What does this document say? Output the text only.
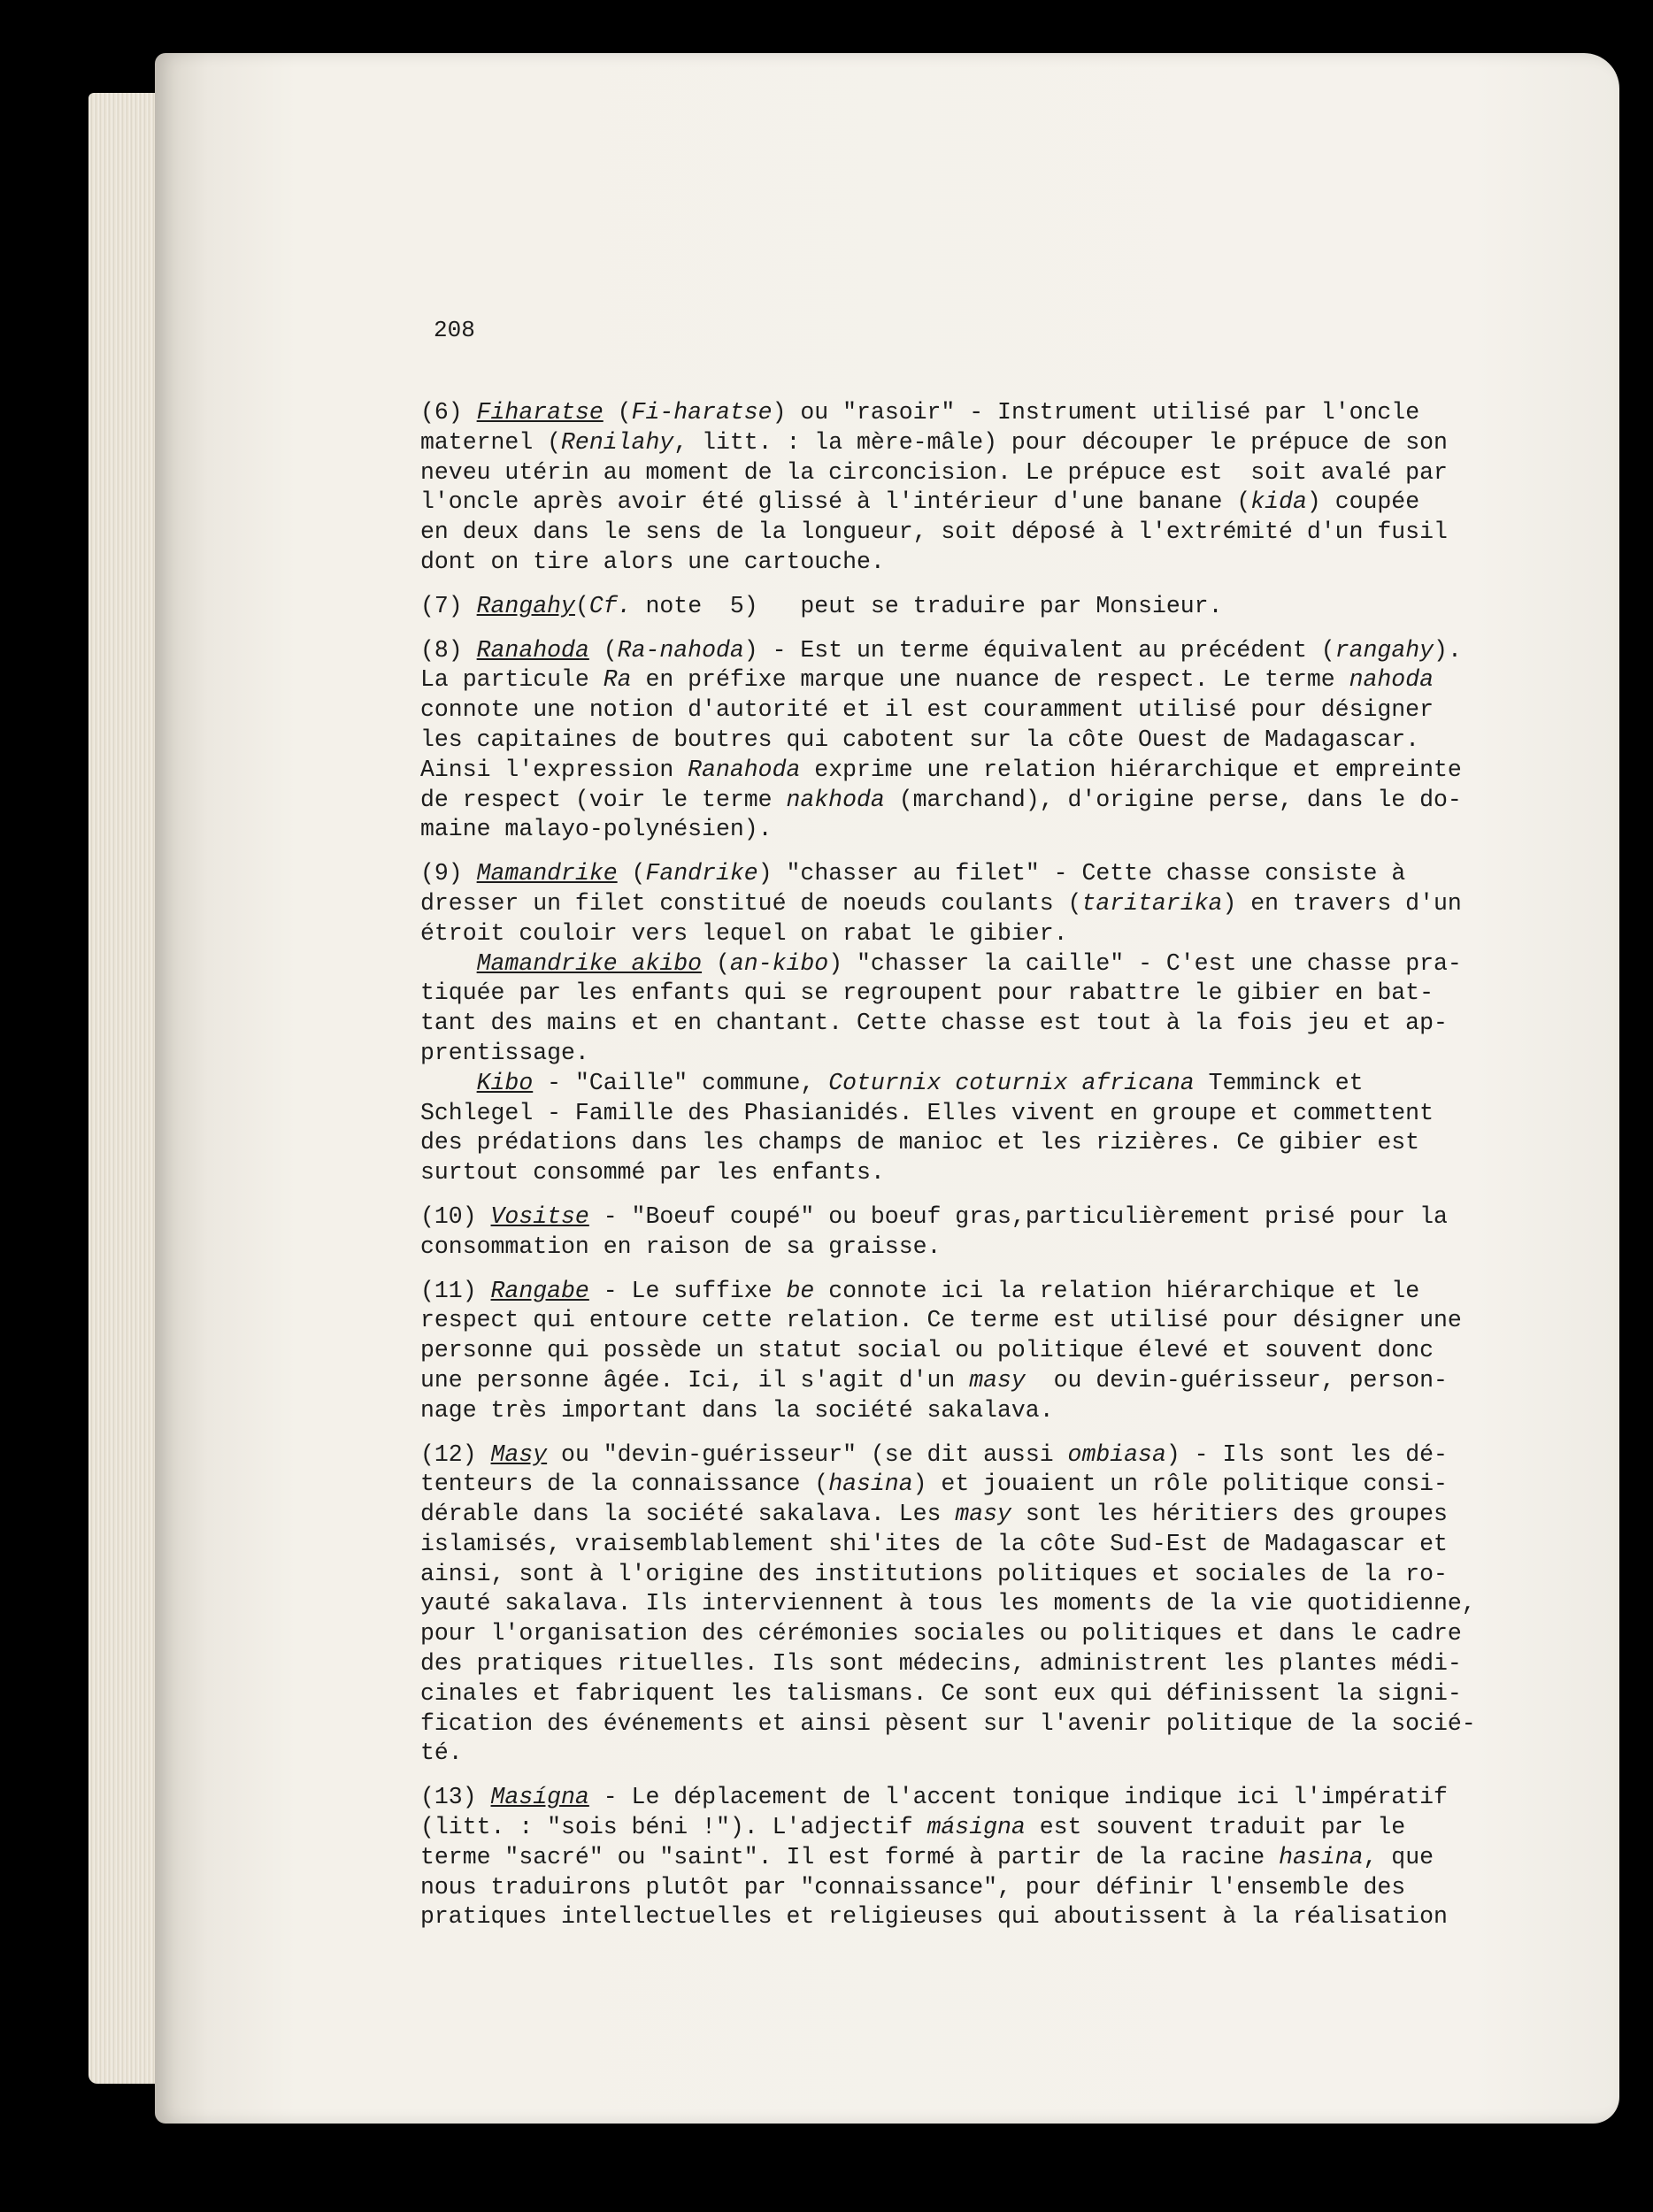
208
(6) Fiharatse (Fi-haratse) ou "rasoir" - Instrument utilisé par l'oncle
maternel (Renilahy, litt. : la mère-mâle) pour découper le prépuce de son
neveu utérin au moment de la circoncision. Le prépuce est  soit avalé par
l'oncle après avoir été glissé à l'intérieur d'une banane (kida) coupée
en deux dans le sens de la longueur, soit déposé à l'extrémité d'un fusil
dont on tire alors une cartouche.
(7) Rangahy(Cf. note  5)   peut se traduire par Monsieur.
(8) Ranahoda (Ra-nahoda) - Est un terme équivalent au précédent (rangahy).
La particule Ra en préfixe marque une nuance de respect. Le terme nahoda
connote une notion d'autorité et il est couramment utilisé pour désigner
les capitaines de boutres qui cabotent sur la côte Ouest de Madagascar.
Ainsi l'expression Ranahoda exprime une relation hiérarchique et empreinte
de respect (voir le terme nakhoda (marchand), d'origine perse, dans le do-
maine malayo-polynésien).
(9) Mamandrike (Fandrike) "chasser au filet" - Cette chasse consiste à
dresser un filet constitué de noeuds coulants (taritarika) en travers d'un
étroit couloir vers lequel on rabat le gibier.
Mamandrike akibo (an-kibo) "chasser la caille" - C'est une chasse pra-
tiquée par les enfants qui se regroupent pour rabattre le gibier en bat-
tant des mains et en chantant. Cette chasse est tout à la fois jeu et ap-
prentissage.
Kibo - "Caille" commune, Coturnix coturnix africana Temminck et
Schlegel - Famille des Phasianidés. Elles vivent en groupe et commettent
des prédations dans les champs de manioc et les rizières. Ce gibier est
surtout consommé par les enfants.
(10) Vositse - "Boeuf coupé" ou boeuf gras,particulièrement prisé pour la
consommation en raison de sa graisse.
(11) Rangabe - Le suffixe be connote ici la relation hiérarchique et le
respect qui entoure cette relation. Ce terme est utilisé pour désigner une
personne qui possède un statut social ou politique élevé et souvent donc
une personne âgée. Ici, il s'agit d'un masy  ou devin-guérisseur, person-
nage très important dans la société sakalava.
(12) Masy ou "devin-guérisseur" (se dit aussi ombiasa) - Ils sont les dé-
tenteurs de la connaissance (hasina) et jouaient un rôle politique consi-
dérable dans la société sakalava. Les masy sont les héritiers des groupes
islamisés, vraisemblablement shi'ites de la côte Sud-Est de Madagascar et
ainsi, sont à l'origine des institutions politiques et sociales de la ro-
yauté sakalava. Ils interviennent à tous les moments de la vie quotidienne,
pour l'organisation des cérémonies sociales ou politiques et dans le cadre
des pratiques rituelles. Ils sont médecins, administrent les plantes médi-
cinales et fabriquent les talismans. Ce sont eux qui définissent la signi-
fication des événements et ainsi pèsent sur l'avenir politique de la socié-
té.
(13) Masígna - Le déplacement de l'accent tonique indique ici l'impératif
(litt. : "sois béni !"). L'adjectif másigna est souvent traduit par le
terme "sacré" ou "saint". Il est formé à partir de la racine hasina, que
nous traduirons plutôt par "connaissance", pour définir l'ensemble des
pratiques intellectuelles et religieuses qui aboutissent à la réalisation
